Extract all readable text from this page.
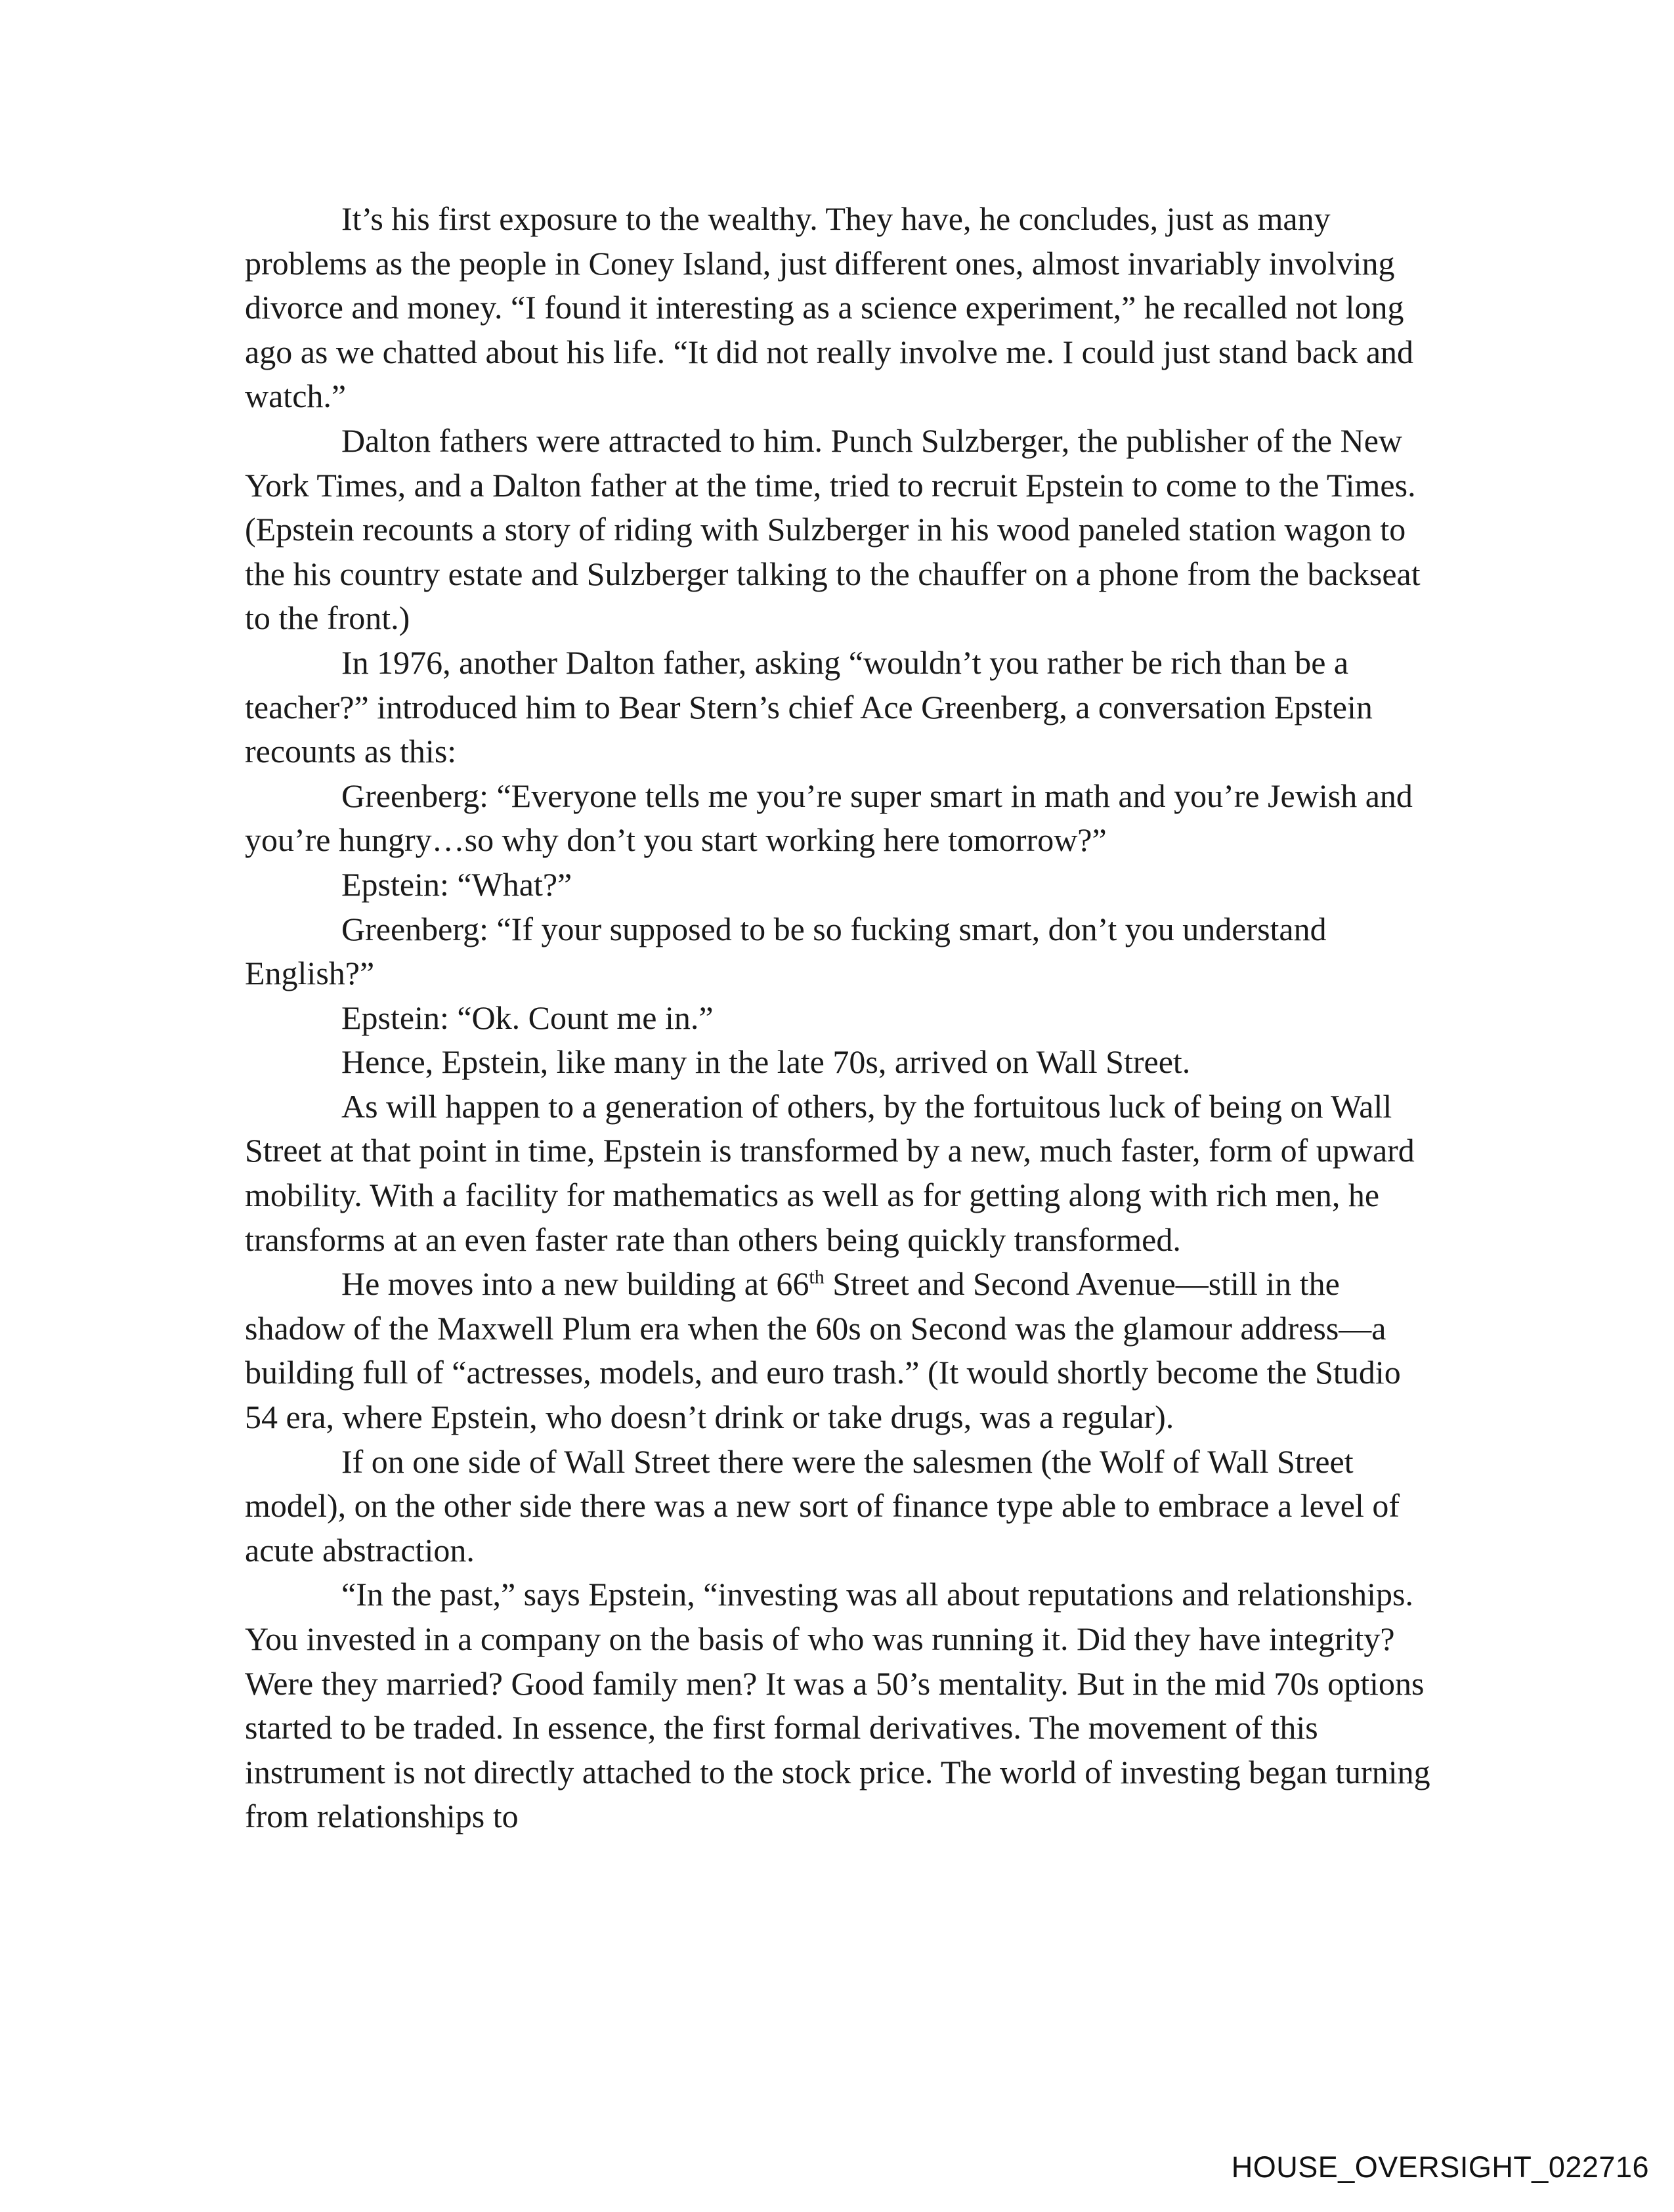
It’s his first exposure to the wealthy. They have, he concludes, just as many problems as the people in Coney Island, just different ones, almost invariably involving divorce and money. “I found it interesting as a science experiment,” he recalled not long ago as we chatted about his life. “It did not really involve me. I could just stand back and watch.”

Dalton fathers were attracted to him. Punch Sulzberger, the publisher of the New York Times, and a Dalton father at the time, tried to recruit Epstein to come to the Times. (Epstein recounts a story of riding with Sulzberger in his wood paneled station wagon to the his country estate and Sulzberger talking to the chauffer on a phone from the backseat to the front.)

In 1976, another Dalton father, asking “wouldn’t you rather be rich than be a teacher?” introduced him to Bear Stern’s chief Ace Greenberg, a conversation Epstein recounts as this:

Greenberg: “Everyone tells me you’re super smart in math and you’re Jewish and you’re hungry…so why don’t you start working here tomorrow?”

Epstein: “What?”

Greenberg: “If your supposed to be so fucking smart, don’t you understand English?”

Epstein: “Ok. Count me in.”

Hence, Epstein, like many in the late 70s, arrived on Wall Street.

As will happen to a generation of others, by the fortuitous luck of being on Wall Street at that point in time, Epstein is transformed by a new, much faster, form of upward mobility. With a facility for mathematics as well as for getting along with rich men, he transforms at an even faster rate than others being quickly transformed.

He moves into a new building at 66th Street and Second Avenue—still in the shadow of the Maxwell Plum era when the 60s on Second was the glamour address—a building full of “actresses, models, and euro trash.” (It would shortly become the Studio 54 era, where Epstein, who doesn’t drink or take drugs, was a regular).

If on one side of Wall Street there were the salesmen (the Wolf of Wall Street model), on the other side there was a new sort of finance type able to embrace a level of acute abstraction.

“In the past,” says Epstein, “investing was all about reputations and relationships. You invested in a company on the basis of who was running it. Did they have integrity? Were they married? Good family men? It was a 50’s mentality. But in the mid 70s options started to be traded. In essence, the first formal derivatives. The movement of this instrument is not directly attached to the stock price. The world of investing began turning from relationships to

HOUSE_OVERSIGHT_022716
